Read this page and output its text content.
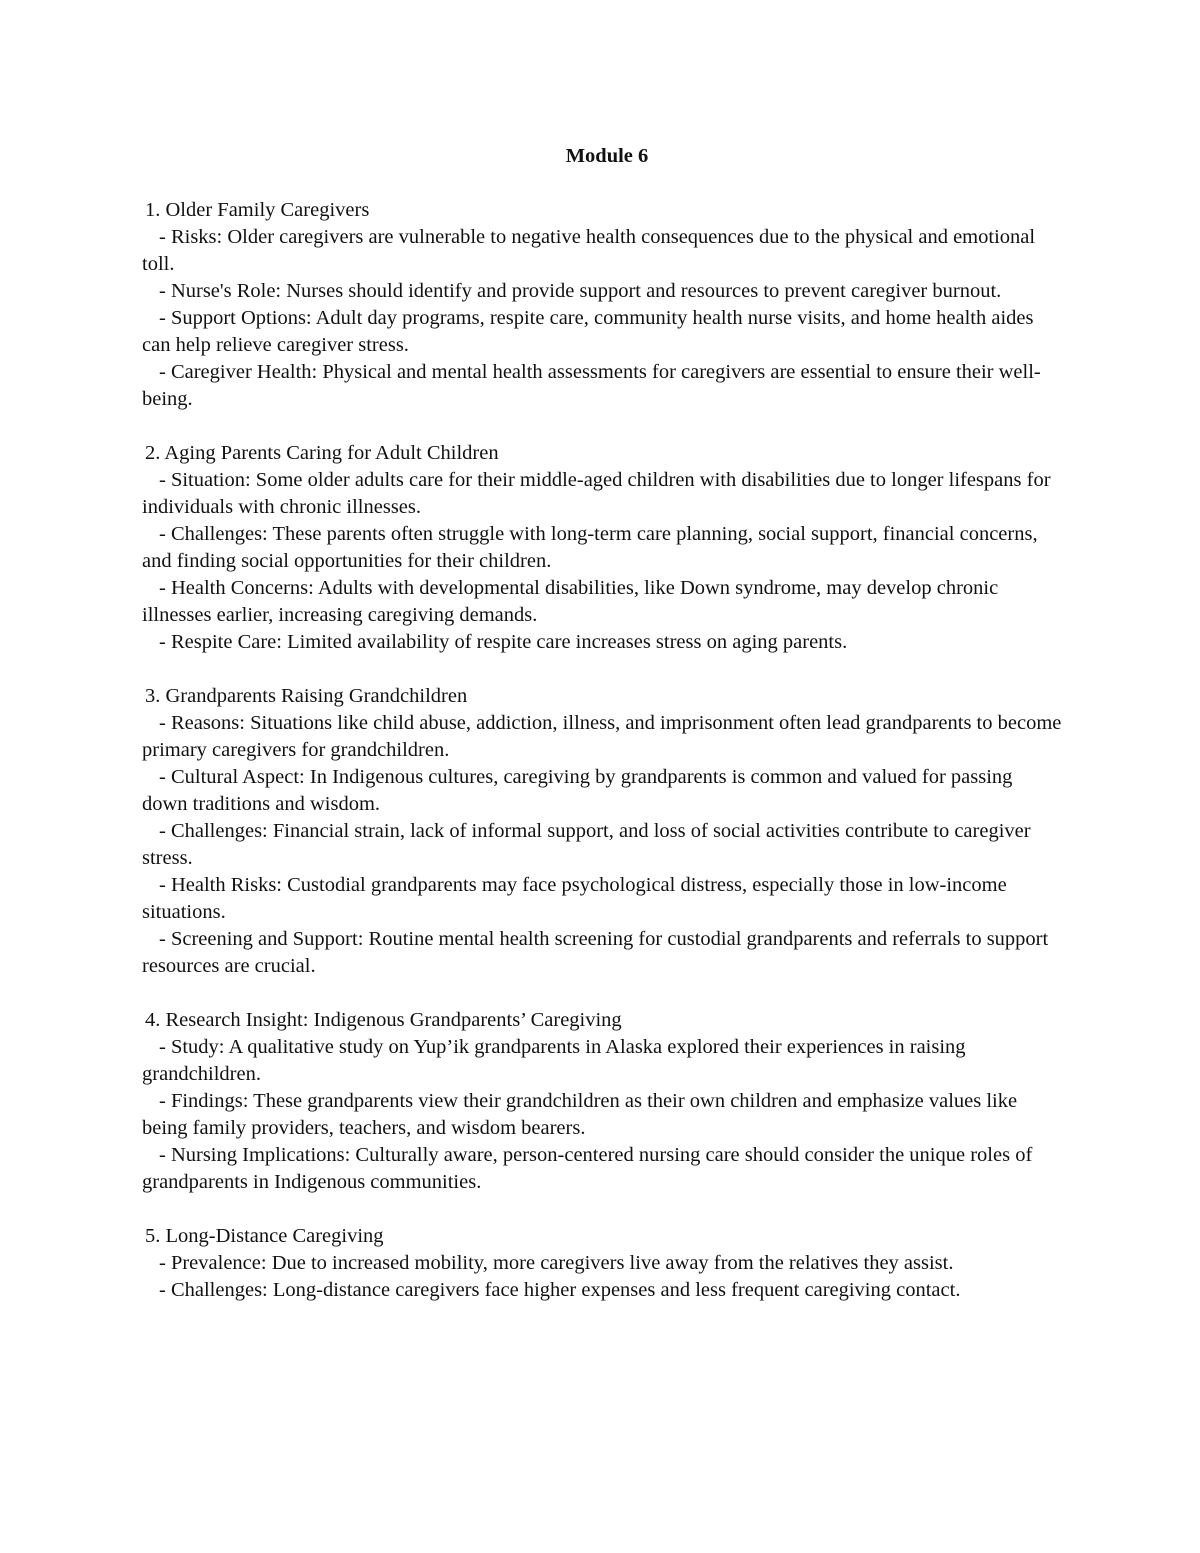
Module 6

1. Older Family Caregivers

- Risks: Older caregivers are vulnerable to negative health consequences due to the physical and emotional toll.

- Nurse's Role: Nurses should identify and provide support and resources to prevent caregiver burnout.

- Support Options: Adult day programs, respite care, community health nurse visits, and home health aides can help relieve caregiver stress.

- Caregiver Health: Physical and mental health assessments for caregivers are essential to ensure their well-being.

2. Aging Parents Caring for Adult Children

- Situation: Some older adults care for their middle-aged children with disabilities due to longer lifespans for individuals with chronic illnesses.

- Challenges: These parents often struggle with long-term care planning, social support, financial concerns, and finding social opportunities for their children.

- Health Concerns: Adults with developmental disabilities, like Down syndrome, may develop chronic illnesses earlier, increasing caregiving demands.

- Respite Care: Limited availability of respite care increases stress on aging parents.

3. Grandparents Raising Grandchildren

- Reasons: Situations like child abuse, addiction, illness, and imprisonment often lead grandparents to become primary caregivers for grandchildren.

- Cultural Aspect: In Indigenous cultures, caregiving by grandparents is common and valued for passing down traditions and wisdom.

- Challenges: Financial strain, lack of informal support, and loss of social activities contribute to caregiver stress.

- Health Risks: Custodial grandparents may face psychological distress, especially those in low-income situations.

- Screening and Support: Routine mental health screening for custodial grandparents and referrals to support resources are crucial.

4. Research Insight: Indigenous Grandparents’ Caregiving

- Study: A qualitative study on Yup’ik grandparents in Alaska explored their experiences in raising grandchildren.

- Findings: These grandparents view their grandchildren as their own children and emphasize values like being family providers, teachers, and wisdom bearers.

- Nursing Implications: Culturally aware, person-centered nursing care should consider the unique roles of grandparents in Indigenous communities.

5. Long-Distance Caregiving

- Prevalence: Due to increased mobility, more caregivers live away from the relatives they assist.

- Challenges: Long-distance caregivers face higher expenses and less frequent caregiving contact.
